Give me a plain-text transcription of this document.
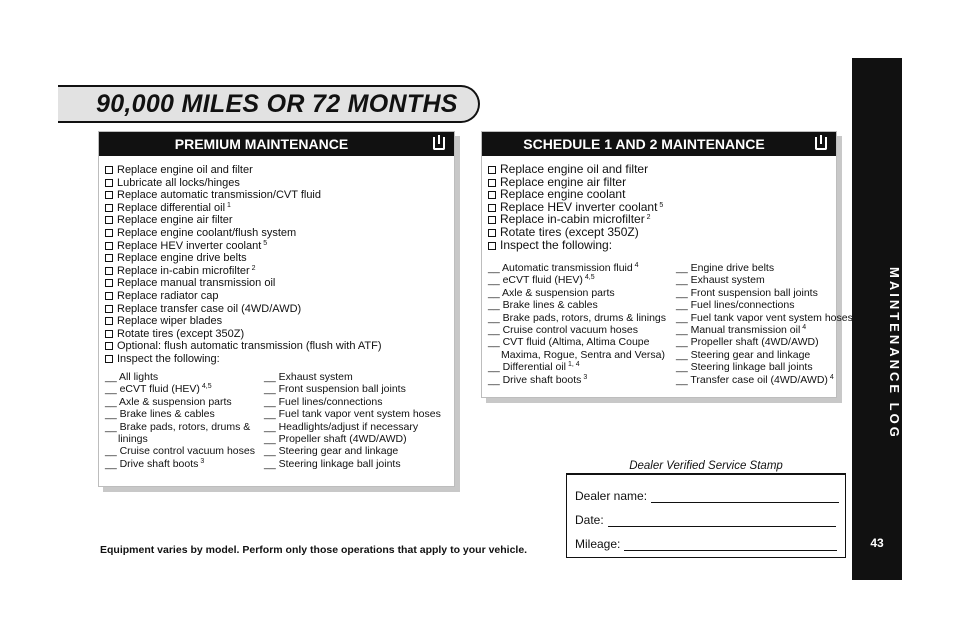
MAINTENANCE LOG
43
90,000 MILES OR 72 MONTHS
PREMIUM MAINTENANCE
Replace engine oil and filter
Lubricate all locks/hinges
Replace automatic transmission/CVT fluid
Replace differential oil $^1$
Replace engine air filter
Replace engine coolant/flush system
Replace HEV inverter coolant $^5$
Replace engine drive belts
Replace in-cabin microfilter $^2$
Replace manual transmission oil
Replace radiator cap
Replace transfer case oil (4WD/AWD)
Replace wiper blades
Rotate tires (except 350Z)
Optional: flush automatic transmission (flush with ATF)
Inspect the following:
__ All lights
__ eCVT fluid (HEV) $^{4,5}$
__ Axle & suspension parts
__ Brake lines & cables
__ Brake pads, rotors, drums &
linings
__ Cruise control vacuum hoses
__ Drive shaft boots $^3$
__ Exhaust system
__ Front suspension ball joints
__ Fuel lines/connections
__ Fuel tank vapor vent system hoses
__ Headlights/adjust if necessary
__ Propeller shaft (4WD/AWD)
__ Steering gear and linkage
__ Steering linkage ball joints
SCHEDULE 1 AND 2 MAINTENANCE
Replace engine oil and filter
Replace engine air filter
Replace engine coolant
Replace HEV inverter coolant $^5$
Replace in-cabin microfilter $^2$
Rotate tires (except 350Z)
Inspect the following:
__ Automatic transmission fluid $^4$
__ eCVT fluid (HEV) $^{4,5}$
__ Axle & suspension parts
__ Brake lines & cables
__ Brake pads, rotors, drums & linings
__ Cruise control vacuum hoses
__ CVT fluid (Altima, Altima Coupe
Maxima, Rogue, Sentra and Versa)
__ Differential oil $^{1, 4}$
__ Drive shaft boots $^3$
__ Engine drive belts
__ Exhaust system
__ Front suspension ball joints
__ Fuel lines/connections
__ Fuel tank vapor vent system hoses
__ Manual transmission oil $^4$
__ Propeller shaft (4WD/AWD)
__ Steering gear and linkage
__ Steering linkage ball joints
__ Transfer case oil (4WD/AWD) $^4$
Dealer Verified Service Stamp
Dealer name:
Date:
Mileage:
Equipment varies by model. Perform only those operations that apply to your vehicle.
